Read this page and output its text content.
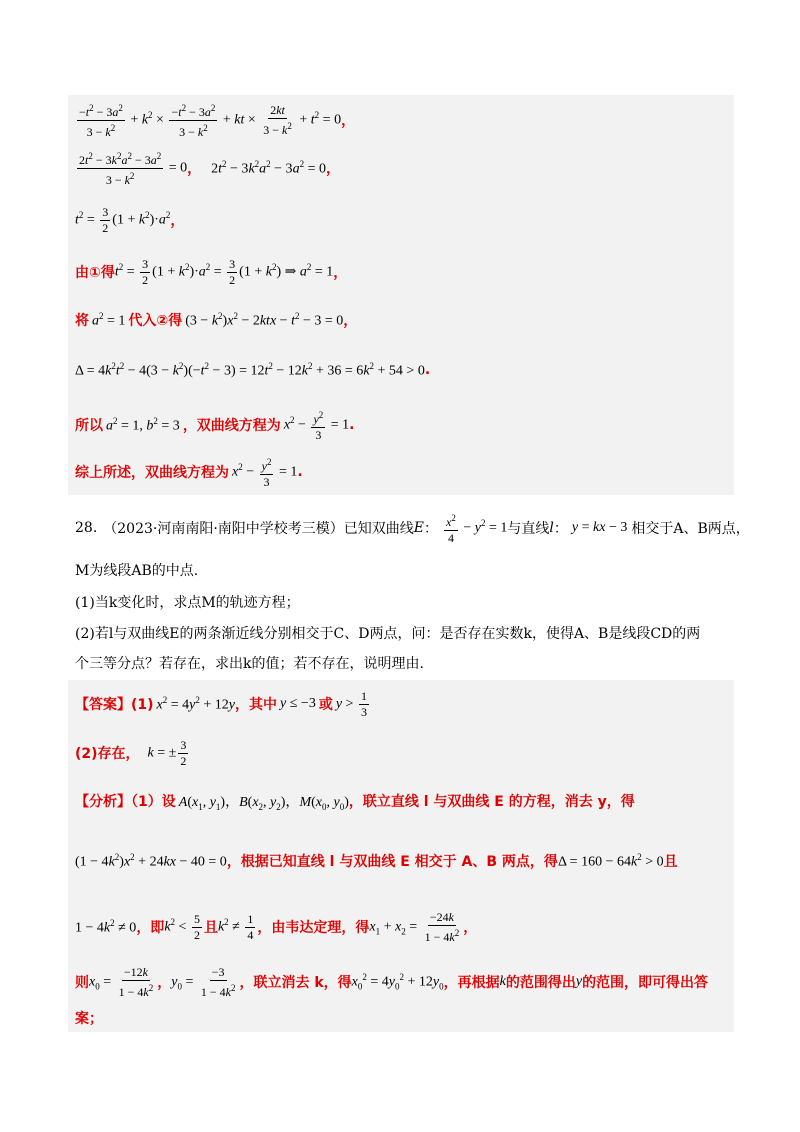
$\frac{-t^2 - 3a^2}{3 - k^2} + k^2 \times \frac{-t^2 - 3a^2}{3 - k^2}$ + kt × $\frac{2kt}{3 - k^2} + t^2 = 0$ ，
$\frac{2t^2 - 3k^2a^2 - 3a^2}{3 - k^2} = 0$ ， $2t^2 - 3k^2a^2 - 3a^2 = 0$ ，
$t^2 = \frac{3}{2} (1 + k^2)\cdot a^2$ ，
由①得 $t^2 = \frac{3}{2} (1 + k^2)\cdot a^2 = \frac{3}{2} (1 + k^2)$ ⇒ $a^2 = 1$ ，
将 $a^2 = 1$ 代入②得 $(3 - k^2)x^2 - 2ktx - t^2 - 3 = 0$ ，
$\Delta = 4k^2t^2 - 4(3 - k^2)(-t^2 - 3) = 12t^2 - 12k^2 + 36 = 6k^2 + 54 > 0$ .
所以 $a^2 = 1$, $b^2 = 3$ ，双曲线方程为 $x^2 - \frac{y^2}{3} = 1$ .
综上所述，双曲线方程为 $x^2 - \frac{y^2}{3} = 1$ .
28. （2023·河南南阳·南阳中学校考三模）已知双曲线 E ： $\frac{x^2}{4} - y^2 = 1$ 与直线 l ： y = kx − 3 相交于A、B两点，
M为线段AB的中点.
(1)当k变化时，求点M的轨迹方程；
(2)若l与双曲线E的两条渐近线分别相交于C、D两点，问：是否存在实数k，使得A、B是线段CD的两
个三等分点？若存在，求出k的值；若不存在，说明理由.
【答案】(1) $x^2 = 4y^2 + 12y$ ，其中 y ≤ −3 或 $y > \frac{1}{3}$
(2)存在， k = ± $\frac{3}{2}$
【分析】（1）设 $A(x_1$, $y_1$)，$B(x_2$, $y_2$)，$M(x_0$, $y_0$) ，联立直线 l 与双曲线 E 的方程，消去 y，得
$(1 - 4k^2)x^2 + 24kx - 40 = 0$ ，根据已知直线 l 与双曲线 E 相交于 A、B 两点，得 $\Delta = 160 - 64k^2 > 0$ 且
$1 - 4k^2 \ne 0$ ，即 $k^2 < \frac{5}{2}$ 且 $k^2 \ne \frac{1}{4}$ ，由韦达定理，得 $x_1 + x_2 = \frac{-24k}{1 - 4k^2}$ ，
则 $x_0 = \frac{-12k}{1 - 4k^2}$ ， $y_0 = \frac{-3}{1 - 4k^2}$ ，联立消去 k，得 $x_0^2 = 4y_0^2 + 12y_0$ ，再根据 k 的范围得出 y 的范围，即可得出答
案；
